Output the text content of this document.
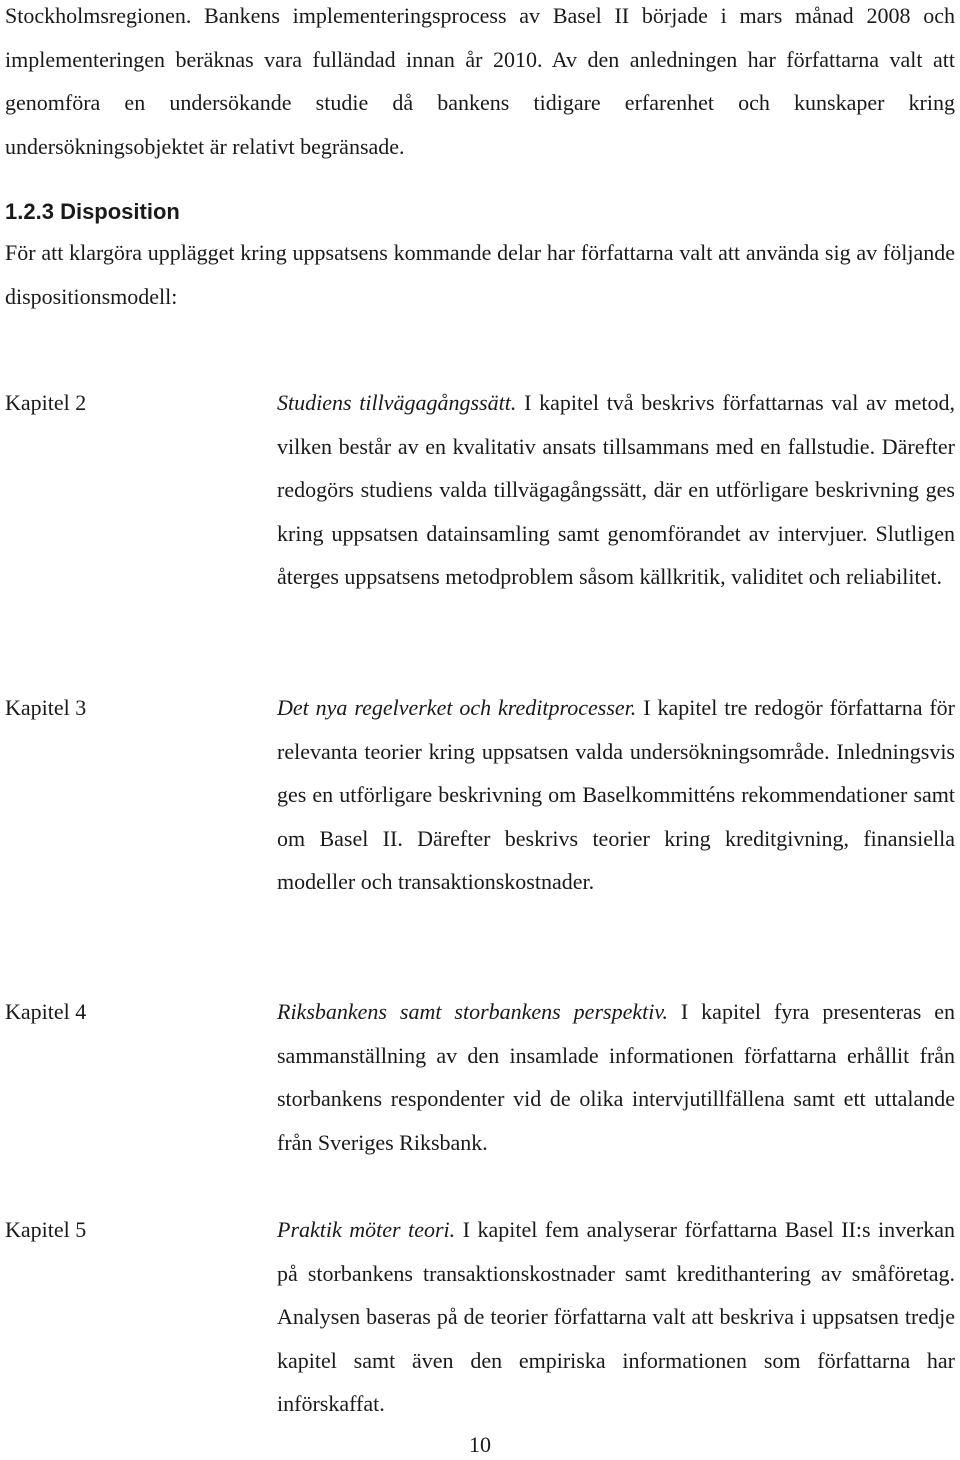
Stockholmsregionen. Bankens implementeringsprocess av Basel II började i mars månad 2008 och implementeringen beräknas vara fulländad innan år 2010. Av den anledningen har författarna valt att genomföra en undersökande studie då bankens tidigare erfarenhet och kunskaper kring undersökningsobjektet är relativt begränsade.

1.2.3 Disposition

För att klargöra upplägget kring uppsatsens kommande delar har författarna valt att använda sig av följande dispositionsmodell:

Kapitel 2	Studiens tillvägagångssätt. I kapitel två beskrivs författarnas val av metod, vilken består av en kvalitativ ansats tillsammans med en fallstudie. Därefter redogörs studiens valda tillvägagångssätt, där en utförligare beskrivning ges kring uppsatsen datainsamling samt genomförandet av intervjuer. Slutligen återges uppsatsens metodproblem såsom källkritik, validitet och reliabilitet.

Kapitel 3	Det nya regelverket och kreditprocesser. I kapitel tre redogör författarna för relevanta teorier kring uppsatsen valda undersökningsområde. Inledningsvis ges en utförligare beskrivning om Baselkommitténs rekommendationer samt om Basel II. Därefter beskrivs teorier kring kreditgivning, finansiella modeller och transaktionskostnader.

Kapitel 4	Riksbankens samt storbankens perspektiv. I kapitel fyra presenteras en sammanställning av den insamlade informationen författarna erhållit från storbankens respondenter vid de olika intervjutillfällena samt ett uttalande från Sveriges Riksbank.

Kapitel 5	Praktik möter teori. I kapitel fem analyserar författarna Basel II:s inverkan på storbankens transaktionskostnader samt kredithantering av småföretag. Analysen baseras på de teorier författarna valt att beskriva i uppsatsen tredje kapitel samt även den empiriska informationen som författarna har införskaffat.

10
